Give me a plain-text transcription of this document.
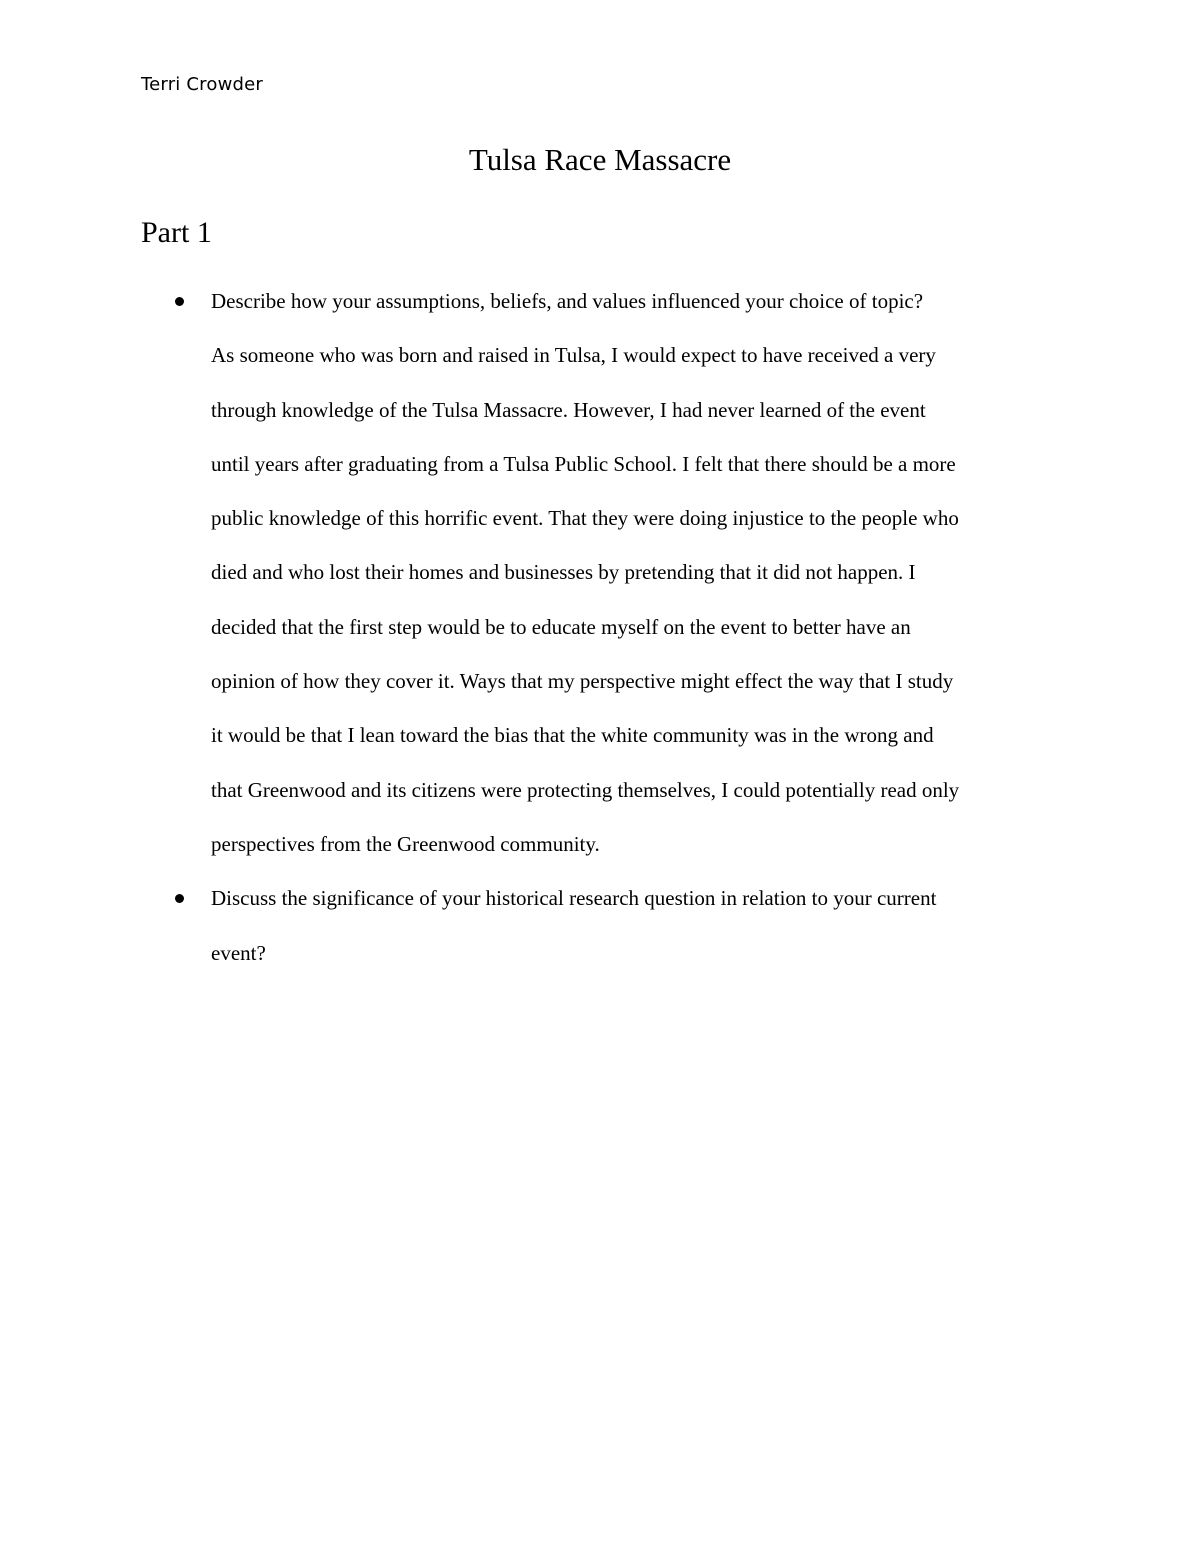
Terri Crowder
Tulsa Race Massacre
Part 1
Describe how your assumptions, beliefs, and values influenced your choice of topic?
As someone who was born and raised in Tulsa, I would expect to have received a very
through knowledge of the Tulsa Massacre. However, I had never learned of the event
until years after graduating from a Tulsa Public School. I felt that there should be a more
public knowledge of this horrific event. That they were doing injustice to the people who
died and who lost their homes and businesses by pretending that it did not happen. I
decided that the first step would be to educate myself on the event to better have an
opinion of how they cover it. Ways that my perspective might effect the way that I study
it would be that I lean toward the bias that the white community was in the wrong and
that Greenwood and its citizens were protecting themselves, I could potentially read only
perspectives from the Greenwood community.
Discuss the significance of your historical research question in relation to your current
event?
